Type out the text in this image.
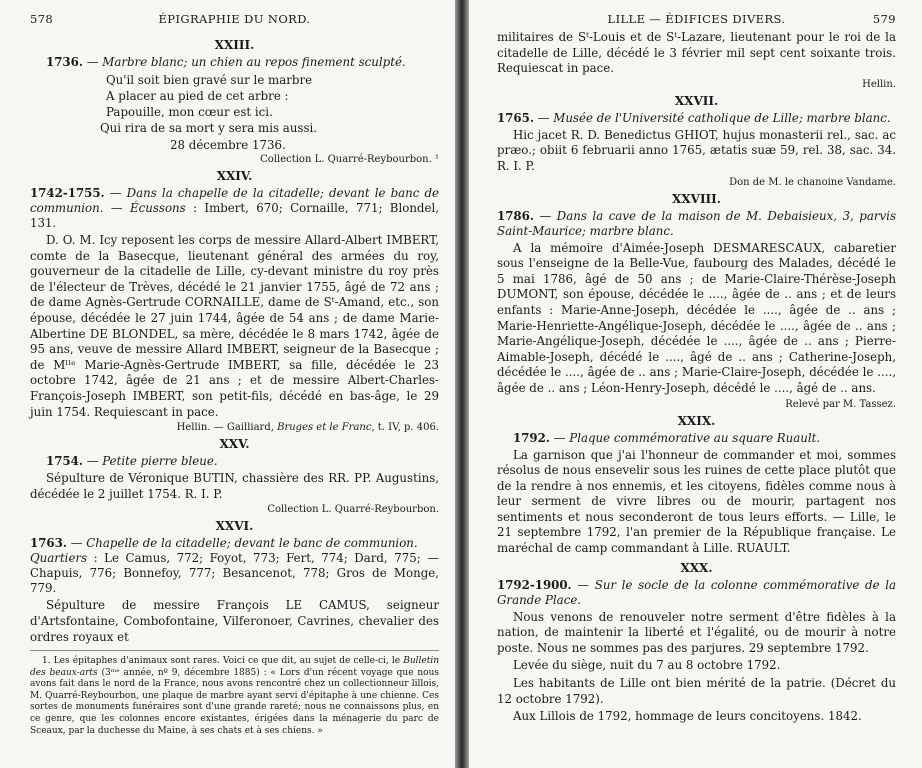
578	ÉPIGRAPHIE DU NORD.
XXIII.

1736. — Marbre blanc; un chien au repos finement sculpté.

Qu'il soit bien gravé sur le marbre
A placer au pied de cet arbre :
Papouille, mon cœur est ici.
Qui rira de sa mort y sera mis aussi.
28 décembre 1736.
Collection L. Quarré-Reybourbon. ¹
XXIV.

1742-1755. — Dans la chapelle de la citadelle; devant le banc de communion. — Écussons : Imbert, 670; Cornaille, 771; Blondel, 131.

D. O. M. Icy reposent les corps de messire Allard-Albert IMBERT, comte de la Basecque, lieutenant général des armées du roy, gouverneur de la citadelle de Lille, cy-devant ministre du roy près de l'électeur de Trèves, décédé le 21 janvier 1755, âgé de 72 ans ; de dame Agnès-Gertrude CORNAILLE, dame de Sᵗ-Amand, etc., son épouse, décédée le 27 juin 1744, âgée de 54 ans ; de dame Marie-Albertine DE BLONDEL, sa mère, décédée le 8 mars 1742, âgée de 95 ans, veuve de messire Allard IMBERT, seigneur de la Basecque ; de Mˡˡᵉ Marie-Agnès-Gertrude IMBERT, sa fille, décédée le 23 octobre 1742, âgée de 21 ans ; et de messire Albert-Charles-François-Joseph IMBERT, son petit-fils, décédé en bas-âge, le 29 juin 1754. Requiescant in pace.

Hellin. — Gailliard, Bruges et le Franc, t. IV, p. 406.
XXV.

1754. — Petite pierre bleue.

Sépulture de Véronique BUTIN, chassière des RR. PP. Augustins, décédée le 2 juillet 1754. R. I. P.

Collection L. Quarré-Reybourbon.
XXVI.

1763. — Chapelle de la citadelle; devant le banc de communion.
Quartiers : Le Camus, 772; Foyot, 773; Fert, 774; Dard, 775; — Chapuis, 776; Bonnefoy, 777; Besancenot, 778; Gros de Monge, 779.

Sépulture de messire François LE CAMUS, seigneur d'Artsfontaine, Combofontaine, Vilferonoer, Cavrines, chevalier des ordres royaux et

1. Les épitaphes d'animaux sont rares. Voici ce que dit, au sujet de celle-ci, le Bulletin des beaux-arts (3ᵐᵉ année, nº 9, décembre 1885) : « Lors d'un récent voyage que nous avons fait dans le nord de la France, nous avons rencontré chez un collectionneur lillois, M. Quarré-Reybourbon, une plaque de marbre ayant servi d'épitaphe à une chienne. Ces sortes de monuments funéraires sont d'une grande rareté; nous ne connaissons plus, en ce genre, que les colonnes encore existantes, érigées dans la ménagerie du parc de Sceaux, par la duchesse du Maine, à ses chats et à ses chiens. »
LILLE — ÉDIFICES DIVERS.	579

militaires de Sᵗ-Louis et de Sᵗ-Lazare, lieutenant pour le roi de la citadelle de Lille, décédé le 3 février mil sept cent soixante trois. Requiescat in pace.

Hellin.
XXVII.

1765. — Musée de l'Université catholique de Lille; marbre blanc.

Hic jacet R. D. Benedictus GHIOT, hujus monasterii rel., sac. ac præo.; obiit 6 februarii anno 1765, ætatis suæ 59, rel. 38, sac. 34. R. I. P.

Don de M. le chanoine Vandame.
XXVIII.

1786. — Dans la cave de la maison de M. Debaisieux, 3, parvis Saint-Maurice; marbre blanc.

A la mémoire d'Aimée-Joseph DESMARESCAUX, cabaretier sous l'enseigne de la Belle-Vue, faubourg des Malades, décédé le 5 mai 1786, âgé de 50 ans ; de Marie-Claire-Thérèse-Joseph DUMONT, son épouse, décédée le ...., âgée de .. ans ; et de leurs enfants : Marie-Anne-Joseph, décédée le ...., âgée de .. ans ; Marie-Henriette-Angélique-Joseph, décédée le ...., âgée de .. ans ; Marie-Angélique-Joseph, décédée le ...., âgée de .. ans ; Pierre-Aimable-Joseph, décédé le ...., âgé de .. ans ; Catherine-Joseph, décédée le ...., âgée de .. ans ; Marie-Claire-Joseph, décédée le ...., âgée de .. ans ; Léon-Henry-Joseph, décédé le ...., âgé de .. ans.

Relevé par M. Tassez.
XXIX.

1792. — Plaque commémorative au square Ruault.

La garnison que j'ai l'honneur de commander et moi, sommes résolus de nous ensevelir sous les ruines de cette place plutôt que de la rendre à nos ennemis, et les citoyens, fidèles comme nous à leur serment de vivre libres ou de mourir, partagent nos sentiments et nous seconderont de tous leurs efforts. — Lille, le 21 septembre 1792, l'an premier de la République française. Le maréchal de camp commandant à Lille. RUAULT.

XXX.

1792-1900. — Sur le socle de la colonne commémorative de la Grande Place.

Nous venons de renouveler notre serment d'être fidèles à la nation, de maintenir la liberté et l'égalité, ou de mourir à notre poste. Nous ne sommes pas des parjures. 29 septembre 1792.

Levée du siège, nuit du 7 au 8 octobre 1792.

Les habitants de Lille ont bien mérité de la patrie. (Décret du 12 octobre 1792).

Aux Lillois de 1792, hommage de leurs concitoyens. 1842.
